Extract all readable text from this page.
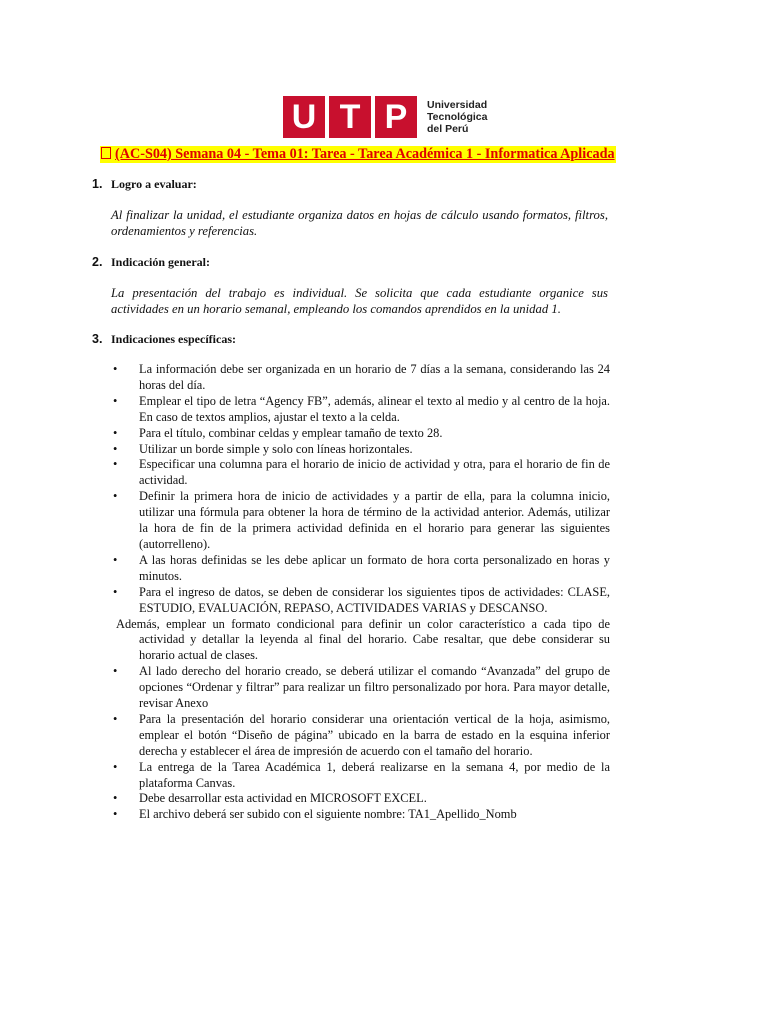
U T P	Universidad
Tecnológica
del Perú
(AC-S04) Semana 04 - Tema 01: Tarea - Tarea Académica 1 - Informatica Aplicada
1. Logro a evaluar:
Al finalizar la unidad, el estudiante organiza datos en hojas de cálculo usando formatos, filtros, ordenamientos y referencias.
2. Indicación general:
La presentación del trabajo es individual. Se solicita que cada estudiante organice sus actividades en un horario semanal, empleando los comandos aprendidos en la unidad 1.
3. Indicaciones específicas:
•	La información debe ser organizada en un horario de 7 días a la semana, considerando las 24 horas del día.
•	Emplear el tipo de letra “Agency FB”, además, alinear el texto al medio y al centro de la hoja. En caso de textos amplios, ajustar el texto a la celda.
•	Para el título, combinar celdas y emplear tamaño de texto 28.
•	Utilizar un borde simple y solo con líneas horizontales.
•	Especificar una columna para el horario de inicio de actividad y otra, para el horario de fin de actividad.
•	Definir la primera hora de inicio de actividades y a partir de ella, para la columna inicio, utilizar una fórmula para obtener la hora de término de la actividad anterior. Además, utilizar la hora de fin de la primera actividad definida en el horario para generar las siguientes (autorrelleno).
•	A las horas definidas se les debe aplicar un formato de hora corta personalizado en horas y minutos.
•	Para el ingreso de datos, se deben de considerar los siguientes tipos de actividades: CLASE, ESTUDIO, EVALUACIÓN, REPASO, ACTIVIDADES VARIAS y DESCANSO.
Además, emplear un formato condicional para definir un color característico a cada tipo de actividad y detallar la leyenda al final del horario. Cabe resaltar, que debe considerar su horario actual de clases.
•	Al lado derecho del horario creado, se deberá utilizar el comando “Avanzada” del grupo de opciones “Ordenar y filtrar” para realizar un filtro personalizado por hora. Para mayor detalle, revisar Anexo
•	Para la presentación del horario considerar una orientación vertical de la hoja, asimismo, emplear el botón “Diseño de página” ubicado en la barra de estado en la esquina inferior derecha y establecer el área de impresión de acuerdo con el tamaño del horario.
•	La entrega de la Tarea Académica 1, deberá realizarse en la semana 4, por medio de la plataforma Canvas.
•	Debe desarrollar esta actividad en MICROSOFT EXCEL.
•	El archivo deberá ser subido con el siguiente nombre: TA1_Apellido_Nomb
